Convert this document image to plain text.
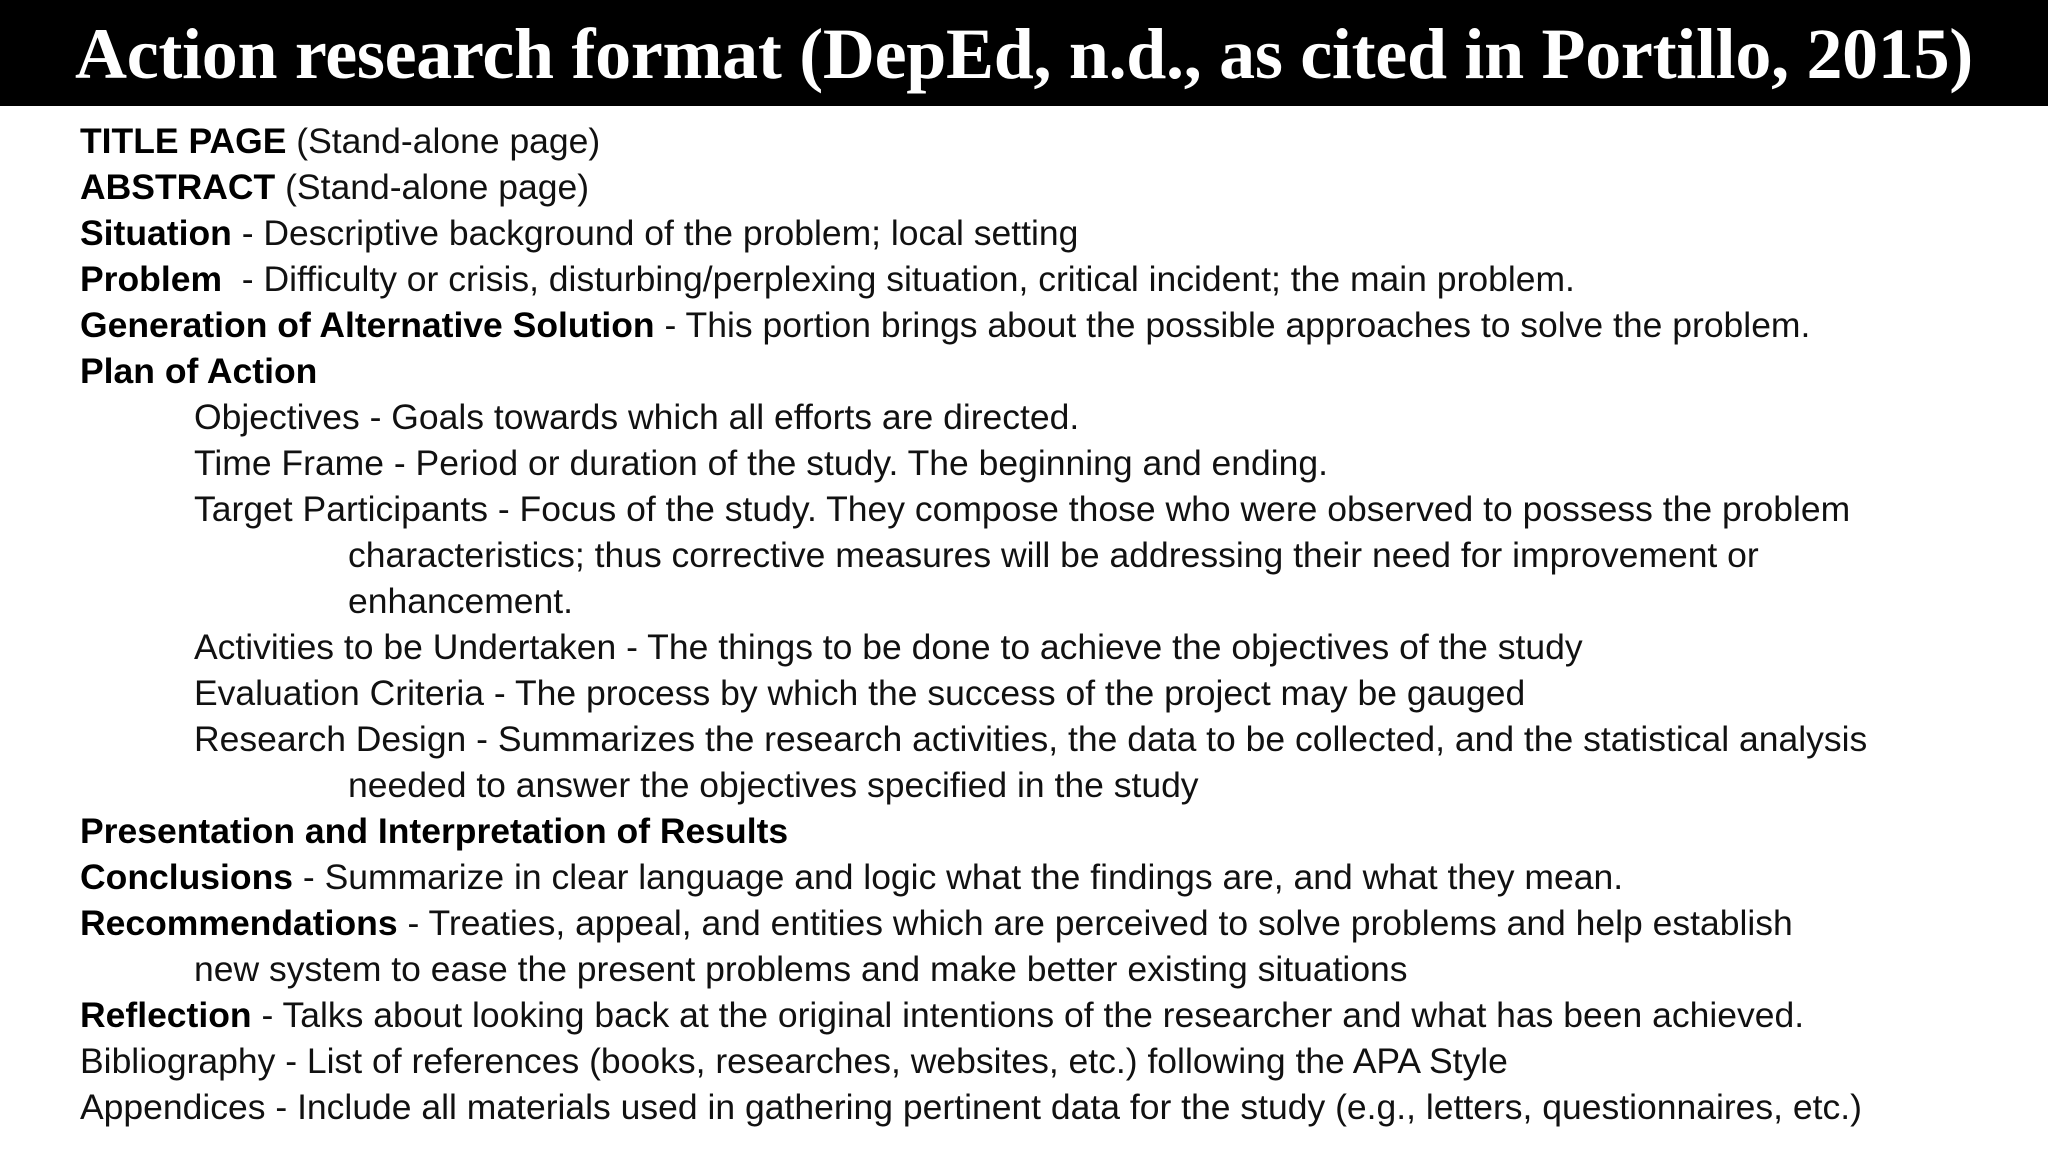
Action research format (DepEd, n.d., as cited in Portillo, 2015)
TITLE PAGE (Stand-alone page)
ABSTRACT (Stand-alone page)
Situation - Descriptive background of the problem; local setting
Problem  - Difficulty or crisis, disturbing/perplexing situation, critical incident; the main problem.
Generation of Alternative Solution - This portion brings about the possible approaches to solve the problem.
Plan of Action
Objectives - Goals towards which all efforts are directed.
Time Frame - Period or duration of the study. The beginning and ending.
Target Participants - Focus of the study. They compose those who were observed to possess the problem
characteristics; thus corrective measures will be addressing their need for improvement or
enhancement.
Activities to be Undertaken - The things to be done to achieve the objectives of the study
Evaluation Criteria - The process by which the success of the project may be gauged
Research Design - Summarizes the research activities, the data to be collected, and the statistical analysis
needed to answer the objectives specified in the study
Presentation and Interpretation of Results
Conclusions - Summarize in clear language and logic what the findings are, and what they mean.
Recommendations - Treaties, appeal, and entities which are perceived to solve problems and help establish
new system to ease the present problems and make better existing situations
Reflection - Talks about looking back at the original intentions of the researcher and what has been achieved.
Bibliography - List of references (books, researches, websites, etc.) following the APA Style
Appendices - Include all materials used in gathering pertinent data for the study (e.g., letters, questionnaires, etc.)
